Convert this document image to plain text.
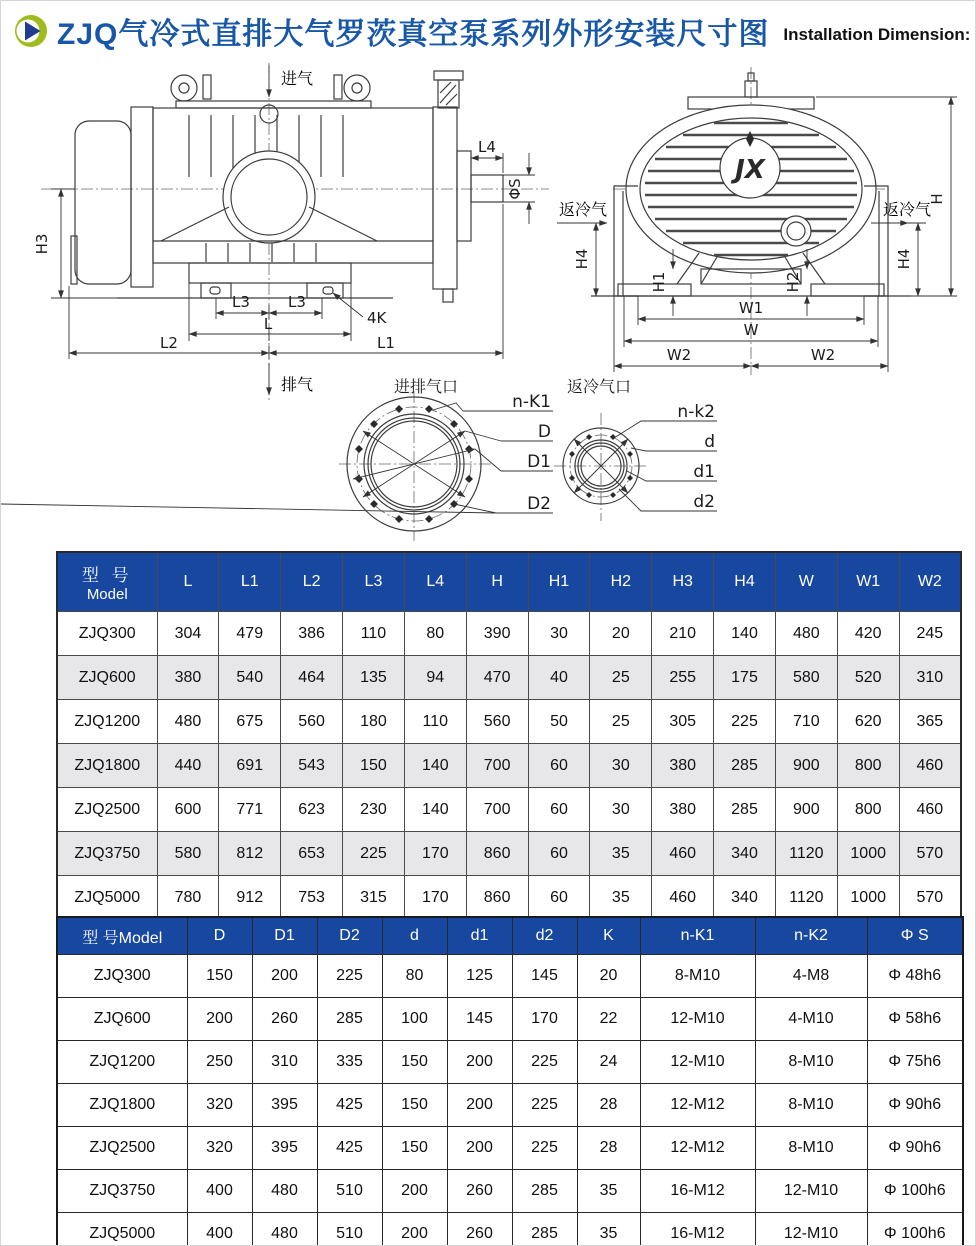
ZJQ气冷式直排大气罗茨真空泵系列外形安装尺寸图 Installation Dimension:
进气
排气
H3
L4
ΦS
L3	L3
L
L2	L1
4K
JX
H
返冷气
H4
返冷气
H4
H1	H2
W1
W
W2	W2
进排气口
n-K1
D
D1
D2
返冷气口
n-k2
d
d1
d2
型 号
Model	L	L1	L2	L3	L4	H	H1	H2	H3	H4	W	W1	W2
ZJQ300	304	479	386	110	80	390	30	20	210	140	480	420	245
ZJQ600	380	540	464	135	94	470	40	25	255	175	580	520	310
ZJQ1200	480	675	560	180	110	560	50	25	305	225	710	620	365
ZJQ1800	440	691	543	150	140	700	60	30	380	285	900	800	460
ZJQ2500	600	771	623	230	140	700	60	30	380	285	900	800	460
ZJQ3750	580	812	653	225	170	860	60	35	460	340	1120	1000	570
ZJQ5000	780	912	753	315	170	860	60	35	460	340	1120	1000	570
型 号Model	D	D1	D2	d	d1	d2	K	n-K1	n-K2	Φ S
ZJQ300	150	200	225	80	125	145	20	8-M10	4-M8	Φ 48h6
ZJQ600	200	260	285	100	145	170	22	12-M10	4-M10	Φ 58h6
ZJQ1200	250	310	335	150	200	225	24	12-M10	8-M10	Φ 75h6
ZJQ1800	320	395	425	150	200	225	28	12-M12	8-M10	Φ 90h6
ZJQ2500	320	395	425	150	200	225	28	12-M12	8-M10	Φ 90h6
ZJQ3750	400	480	510	200	260	285	35	16-M12	12-M10	Φ 100h6
ZJQ5000	400	480	510	200	260	285	35	16-M12	12-M10	Φ 100h6
